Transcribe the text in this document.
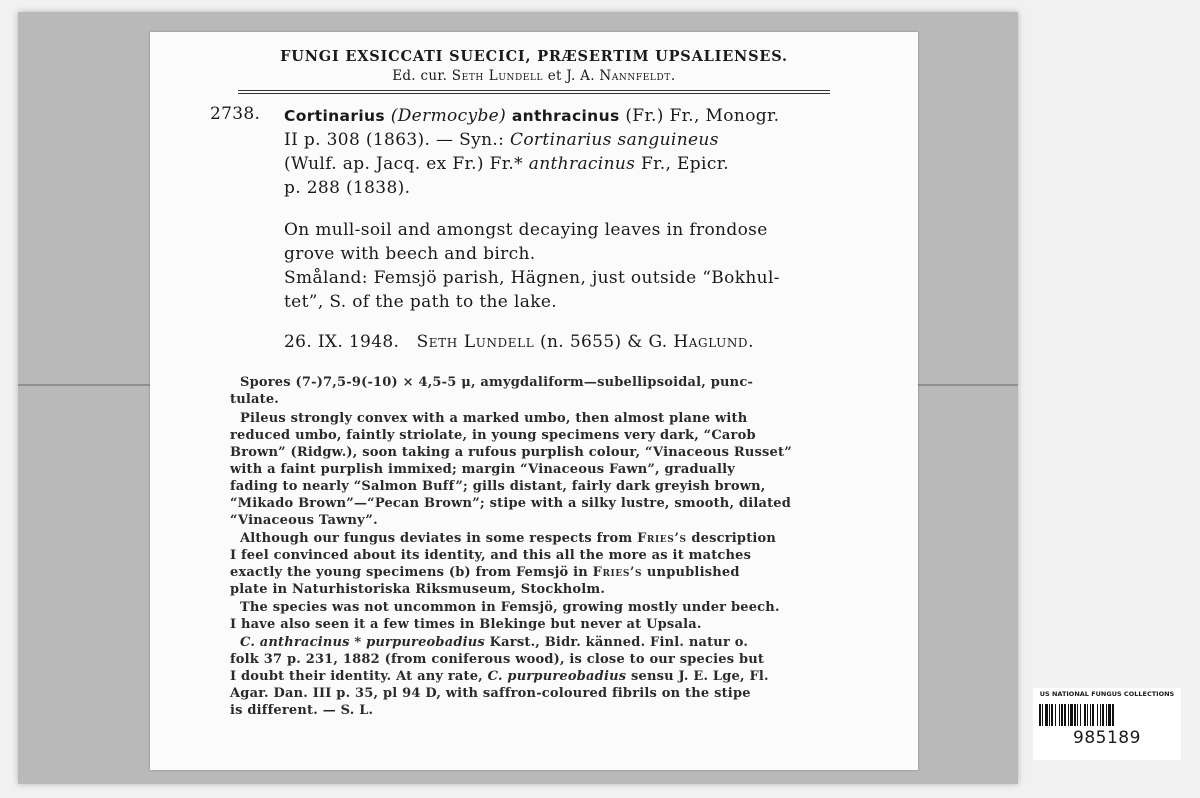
FUNGI EXSICCATI SUECICI, PRÆSERTIM UPSALIENSES.
Ed. cur. Seth Lundell et J. A. Nannfeldt.
2738. Cortinarius (Dermocybe) anthracinus (Fr.) Fr., Monogr.
II p. 308 (1863). — Syn.: Cortinarius sanguineus
(Wulf. ap. Jacq. ex Fr.) Fr.* anthracinus Fr., Epicr.
p. 288 (1838).
On mull-soil and amongst decaying leaves in frondose
grove with beech and birch.
Småland: Femsjö parish, Hägnen, just outside “Bokhul-
tet”, S. of the path to the lake.
26. IX. 1948. Seth Lundell (n. 5655) & G. Haglund.
Spores (7-)7,5-9(-10) × 4,5-5 μ, amygdaliform—subellipsoidal, punc-
tulate.
Pileus strongly convex with a marked umbo, then almost plane with
reduced umbo, faintly striolate, in young specimens very dark, “Carob
Brown” (Ridgw.), soon taking a rufous purplish colour, “Vinaceous Russet”
with a faint purplish immixed; margin “Vinaceous Fawn”, gradually
fading to nearly “Salmon Buff”; gills distant, fairly dark greyish brown,
“Mikado Brown”—“Pecan Brown”; stipe with a silky lustre, smooth, dilated
“Vinaceous Tawny”.
Although our fungus deviates in some respects from Fries’s description
I feel convinced about its identity, and this all the more as it matches
exactly the young specimens (b) from Femsjö in Fries’s unpublished
plate in Naturhistoriska Riksmuseum, Stockholm.
The species was not uncommon in Femsjö, growing mostly under beech.
I have also seen it a few times in Blekinge but never at Upsala.
C. anthracinus * purpureobadius Karst., Bidr. känned. Finl. natur o.
folk 37 p. 231, 1882 (from coniferous wood), is close to our species but
I doubt their identity. At any rate, C. purpureobadius sensu J. E. Lge, Fl.
Agar. Dan. III p. 35, pl 94 D, with saffron-coloured fibrils on the stipe
is different. — S. L.
US NATIONAL FUNGUS COLLECTIONS
985189
